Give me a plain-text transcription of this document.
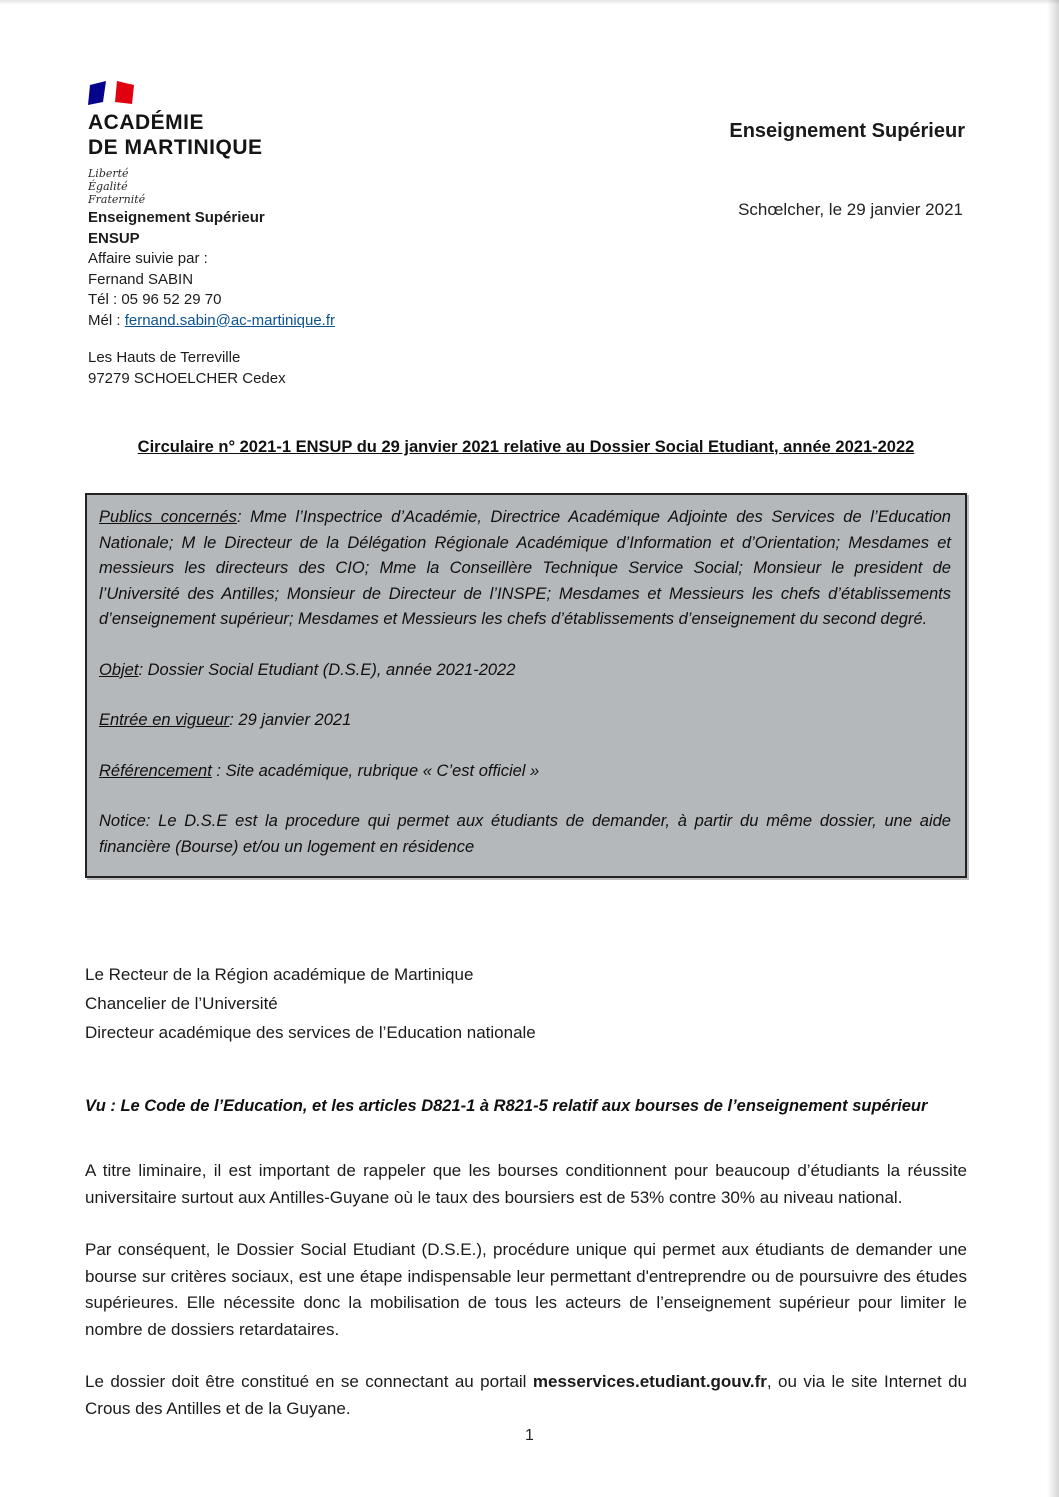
ACADÉMIE
DE MARTINIQUE
Liberté
Égalité
Fraternité
Enseignement Supérieur
Schœlcher, le 29 janvier 2021
Enseignement Supérieur
ENSUP
Affaire suivie par :
Fernand SABIN
Tél : 05 96 52 29 70
Mél : fernand.sabin@ac-martinique.fr
Les Hauts de Terreville
97279 SCHOELCHER Cedex
Circulaire n° 2021-1 ENSUP du 29 janvier 2021 relative au Dossier Social Etudiant, année 2021-2022

Publics concernés: Mme l’Inspectrice d’Académie, Directrice Académique Adjointe des Services de l’Education Nationale; M le Directeur de la Délégation Régionale Académique d’Information et d’Orientation; Mesdames et messieurs les directeurs des CIO; Mme la Conseillère Technique Service Social; Monsieur le president de l’Université des Antilles; Monsieur de Directeur de l’INSPE; Mesdames et Messieurs les chefs d’établissements d’enseignement supérieur; Mesdames et Messieurs les chefs d’établissements d’enseignement du second degré.

Objet: Dossier Social Etudiant (D.S.E), année 2021-2022

Entrée en vigueur: 29 janvier 2021

Référencement : Site académique, rubrique « C’est officiel »

Notice: Le D.S.E est la procedure qui permet aux étudiants de demander, à partir du même dossier, une aide financière (Bourse) et/ou un logement en résidence

Le Recteur de la Région académique de Martinique
Chancelier de l’Université
Directeur académique des services de l’Education nationale
Vu : Le Code de l’Education, et les articles D821-1 à R821-5 relatif aux bourses de l’enseignement supérieur

A titre liminaire, il est important de rappeler que les bourses conditionnent pour beaucoup d’étudiants la réussite universitaire surtout aux Antilles-Guyane où le taux des boursiers est de 53% contre 30% au niveau national.

Par conséquent, le Dossier Social Etudiant (D.S.E.), procédure unique qui permet aux étudiants de demander une bourse sur critères sociaux, est une étape indispensable leur permettant d'entreprendre ou de poursuivre des études supérieures. Elle nécessite donc la mobilisation de tous les acteurs de l’enseignement supérieur pour limiter le nombre de dossiers retardataires.

Le dossier doit être constitué en se connectant au portail messervices.etudiant.gouv.fr, ou via le site Internet du Crous des Antilles et de la Guyane.

1
